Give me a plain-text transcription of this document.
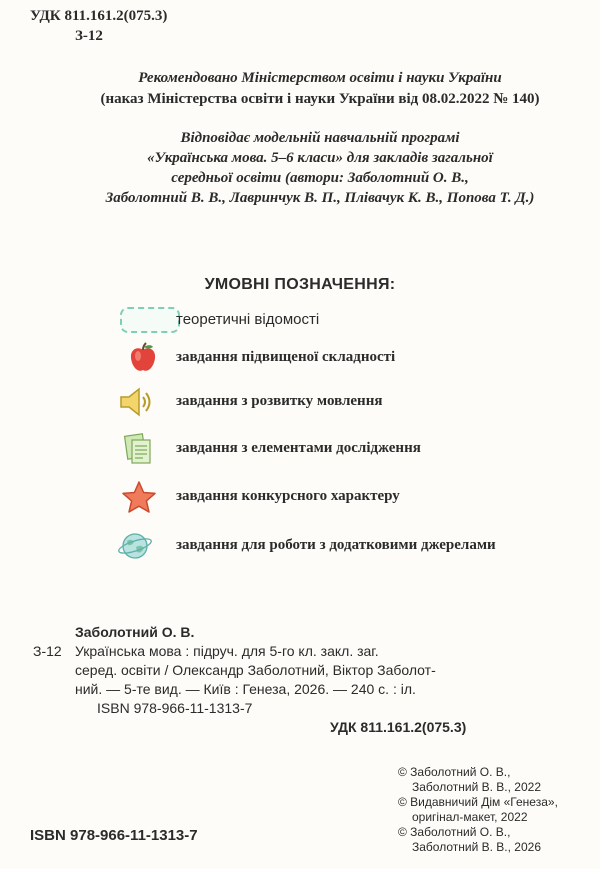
УДК 811.161.2(075.3)
З-12
Рекомендовано Міністерством освіти і науки України
(наказ Міністерства освіти і науки України від 08.02.2022 № 140)
Відповідає модельній навчальній програмі
«Українська мова. 5–6 класи» для закладів загальної
середньої освіти (автори: Заболотний О. В.,
Заболотний В. В., Лавринчук В. П., Плівачук К. В., Попова Т. Д.)
УМОВНІ ПОЗНАЧЕННЯ:
теоретичні відомості
завдання підвищеної складності
завдання з розвитку мовлення
завдання з елементами дослідження
завдання конкурсного характеру
завдання для роботи з додатковими джерелами
Заболотний О. В.
З-12 Українська мова : підруч. для 5-го кл. закл. заг.
серед. освіти / Олександр Заболотний, Віктор Заболот-
ний. — 5-те вид. — Київ : Генеза, 2026. — 240 с. : іл.
ISBN 978-966-11-1313-7
УДК 811.161.2(075.3)
© Заболотний О. В.,
Заболотний В. В., 2022
© Видавничий Дім «Генеза»,
оригінал-макет, 2022
© Заболотний О. В.,
Заболотний В. В., 2026
ISBN 978-966-11-1313-7
